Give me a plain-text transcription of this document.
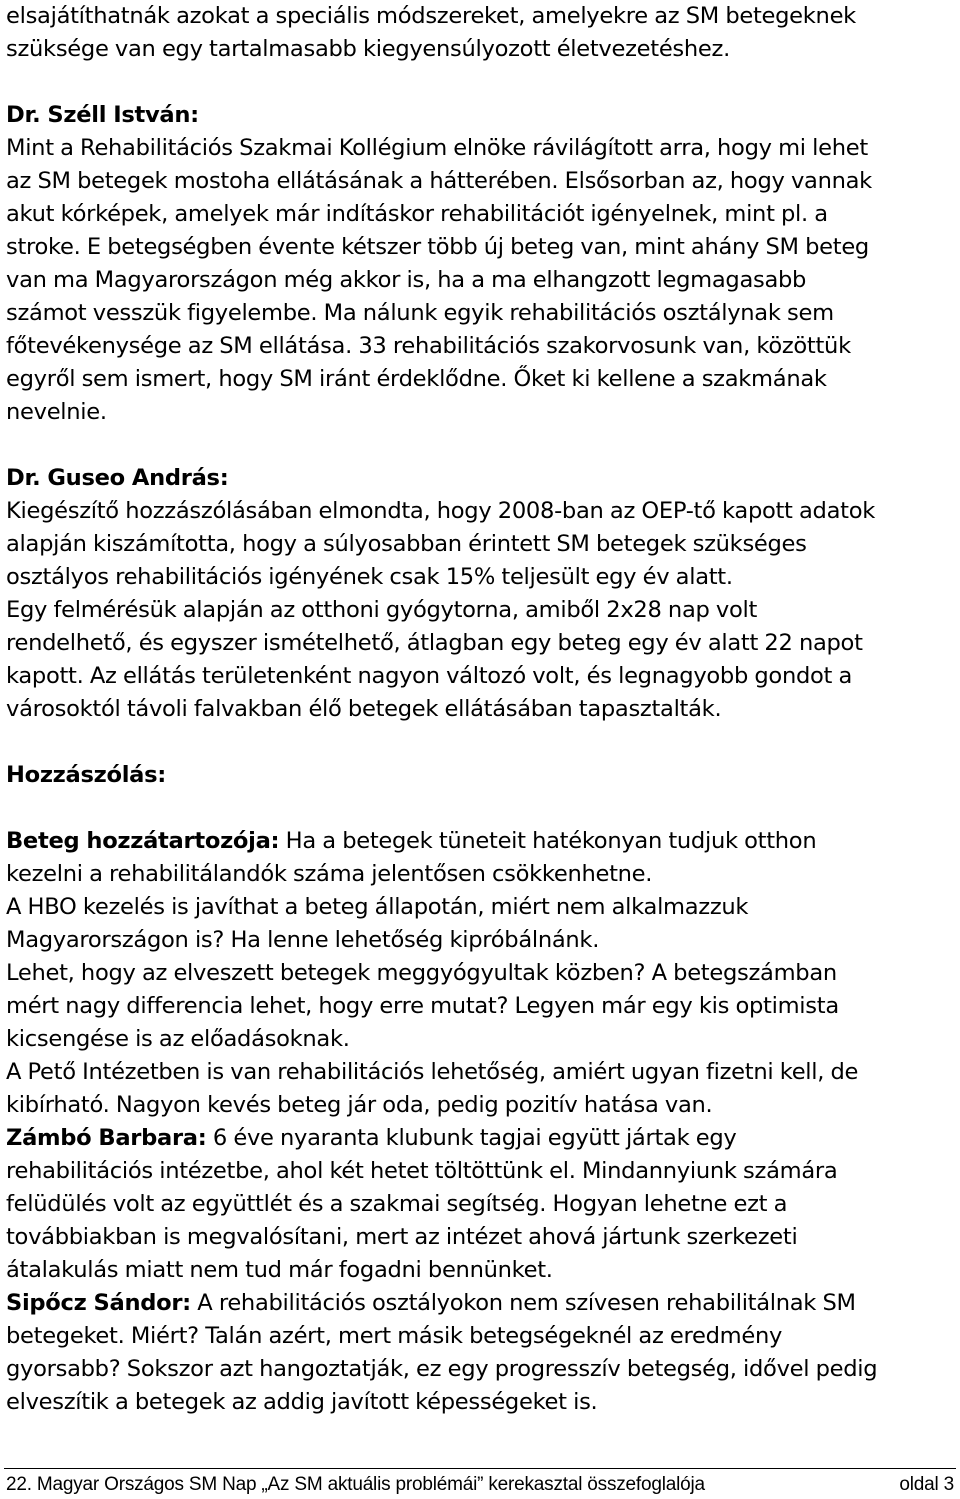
elsajátíthatnák azokat a speciális módszereket, amelyekre az SM betegeknek
szüksége van egy tartalmasabb kiegyensúlyozott életvezetéshez.

Dr. Széll István:
Mint a Rehabilitációs Szakmai Kollégium elnöke rávilágított arra, hogy mi lehet
az SM betegek mostoha ellátásának a hátterében. Elsősorban az, hogy vannak
akut kórképek, amelyek már indításkor rehabilitációt igényelnek, mint pl. a
stroke. E betegségben évente kétszer több új beteg van, mint ahány SM beteg
van ma Magyarországon még akkor is, ha a ma elhangzott legmagasabb
számot vesszük figyelembe. Ma nálunk egyik rehabilitációs osztálynak sem
főtevékenysége az SM ellátása. 33 rehabilitációs szakorvosunk van, közöttük
egyről sem ismert, hogy SM iránt érdeklődne. Őket ki kellene a szakmának
nevelnie.

Dr. Guseo András:
Kiegészítő hozzászólásában elmondta, hogy 2008-ban az OEP-tő kapott adatok
alapján kiszámította, hogy a súlyosabban érintett SM betegek szükséges
osztályos rehabilitációs igényének csak 15% teljesült egy év alatt.
Egy felmérésük alapján az otthoni gyógytorna, amiből 2x28 nap volt
rendelhető, és egyszer ismételhető, átlagban egy beteg egy év alatt 22 napot
kapott. Az ellátás területenként nagyon változó volt, és legnagyobb gondot a
városoktól távoli falvakban élő betegek ellátásában tapasztalták.

Hozzászólás:

Beteg hozzátartozója: Ha a betegek tüneteit hatékonyan tudjuk otthon
kezelni a rehabilitálandók száma jelentősen csökkenhetne.
A HBO kezelés is javíthat a beteg állapotán, miért nem alkalmazzuk
Magyarországon is? Ha lenne lehetőség kipróbálnánk.
Lehet, hogy az elveszett betegek meggyógyultak közben? A betegszámban
mért nagy differencia lehet, hogy erre mutat? Legyen már egy kis optimista
kicsengése is az előadásoknak.
A Pető Intézetben is van rehabilitációs lehetőség, amiért ugyan fizetni kell, de
kibírható. Nagyon kevés beteg jár oda, pedig pozitív hatása van.
Zámbó Barbara: 6 éve nyaranta klubunk tagjai együtt jártak egy
rehabilitációs intézetbe, ahol két hetet töltöttünk el. Mindannyiunk számára
felüdülés volt az együttlét és a szakmai segítség. Hogyan lehetne ezt a
továbbiakban is megvalósítani, mert az intézet ahová jártunk szerkezeti
átalakulás miatt nem tud már fogadni bennünket.
Sipőcz Sándor: A rehabilitációs osztályokon nem szívesen rehabilitálnak SM
betegeket. Miért? Talán azért, mert másik betegségeknél az eredmény
gyorsabb? Sokszor azt hangoztatják, ez egy progresszív betegség, idővel pedig
elveszítik a betegek az addig javított képességeket is.

22. Magyar Országos SM Nap „Az SM aktuális problémái” kerekasztal összefoglalója	oldal 3
